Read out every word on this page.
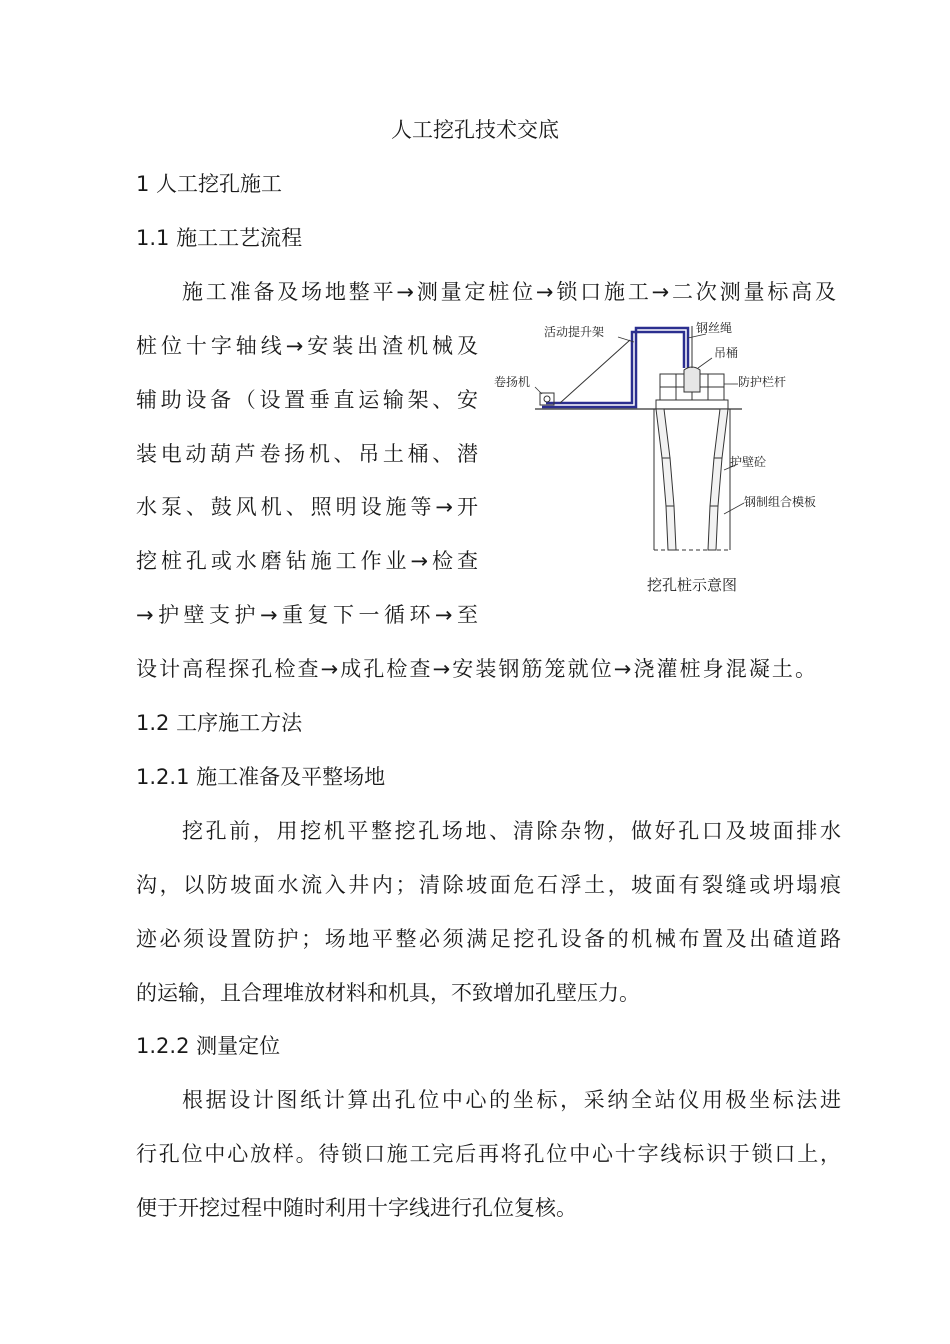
人工挖孔技术交底
1 人工挖孔施工
1.1 施工工艺流程
施工准备及场地整平→测量定桩位→锁口施工→二次测量标高及
桩位十字轴线→安装出渣机械及
辅助设备（设置垂直运输架、安
装电动葫芦卷扬机、吊土桶、潜
水泵、鼓风机、照明设施等→开
挖桩孔或水磨钻施工作业→检查
→护壁支护→重复下一循环→至
设计高程探孔检查→成孔检查→安装钢筋笼就位→浇灌桩身混凝土。
活动提升架	钢丝绳
吊桶
卷扬机	防护栏杆
护壁砼
钢制组合模板
挖孔桩示意图
1.2 工序施工方法
1.2.1 施工准备及平整场地
挖孔前，用挖机平整挖孔场地、清除杂物，做好孔口及坡面排水
沟，以防坡面水流入井内；清除坡面危石浮土，坡面有裂缝或坍塌痕
迹必须设置防护；场地平整必须满足挖孔设备的机械布置及出碴道路
的运输，且合理堆放材料和机具，不致增加孔壁压力。
1.2.2 测量定位
根据设计图纸计算出孔位中心的坐标，采纳全站仪用极坐标法进
行孔位中心放样。待锁口施工完后再将孔位中心十字线标识于锁口上，
便于开挖过程中随时利用十字线进行孔位复核。
